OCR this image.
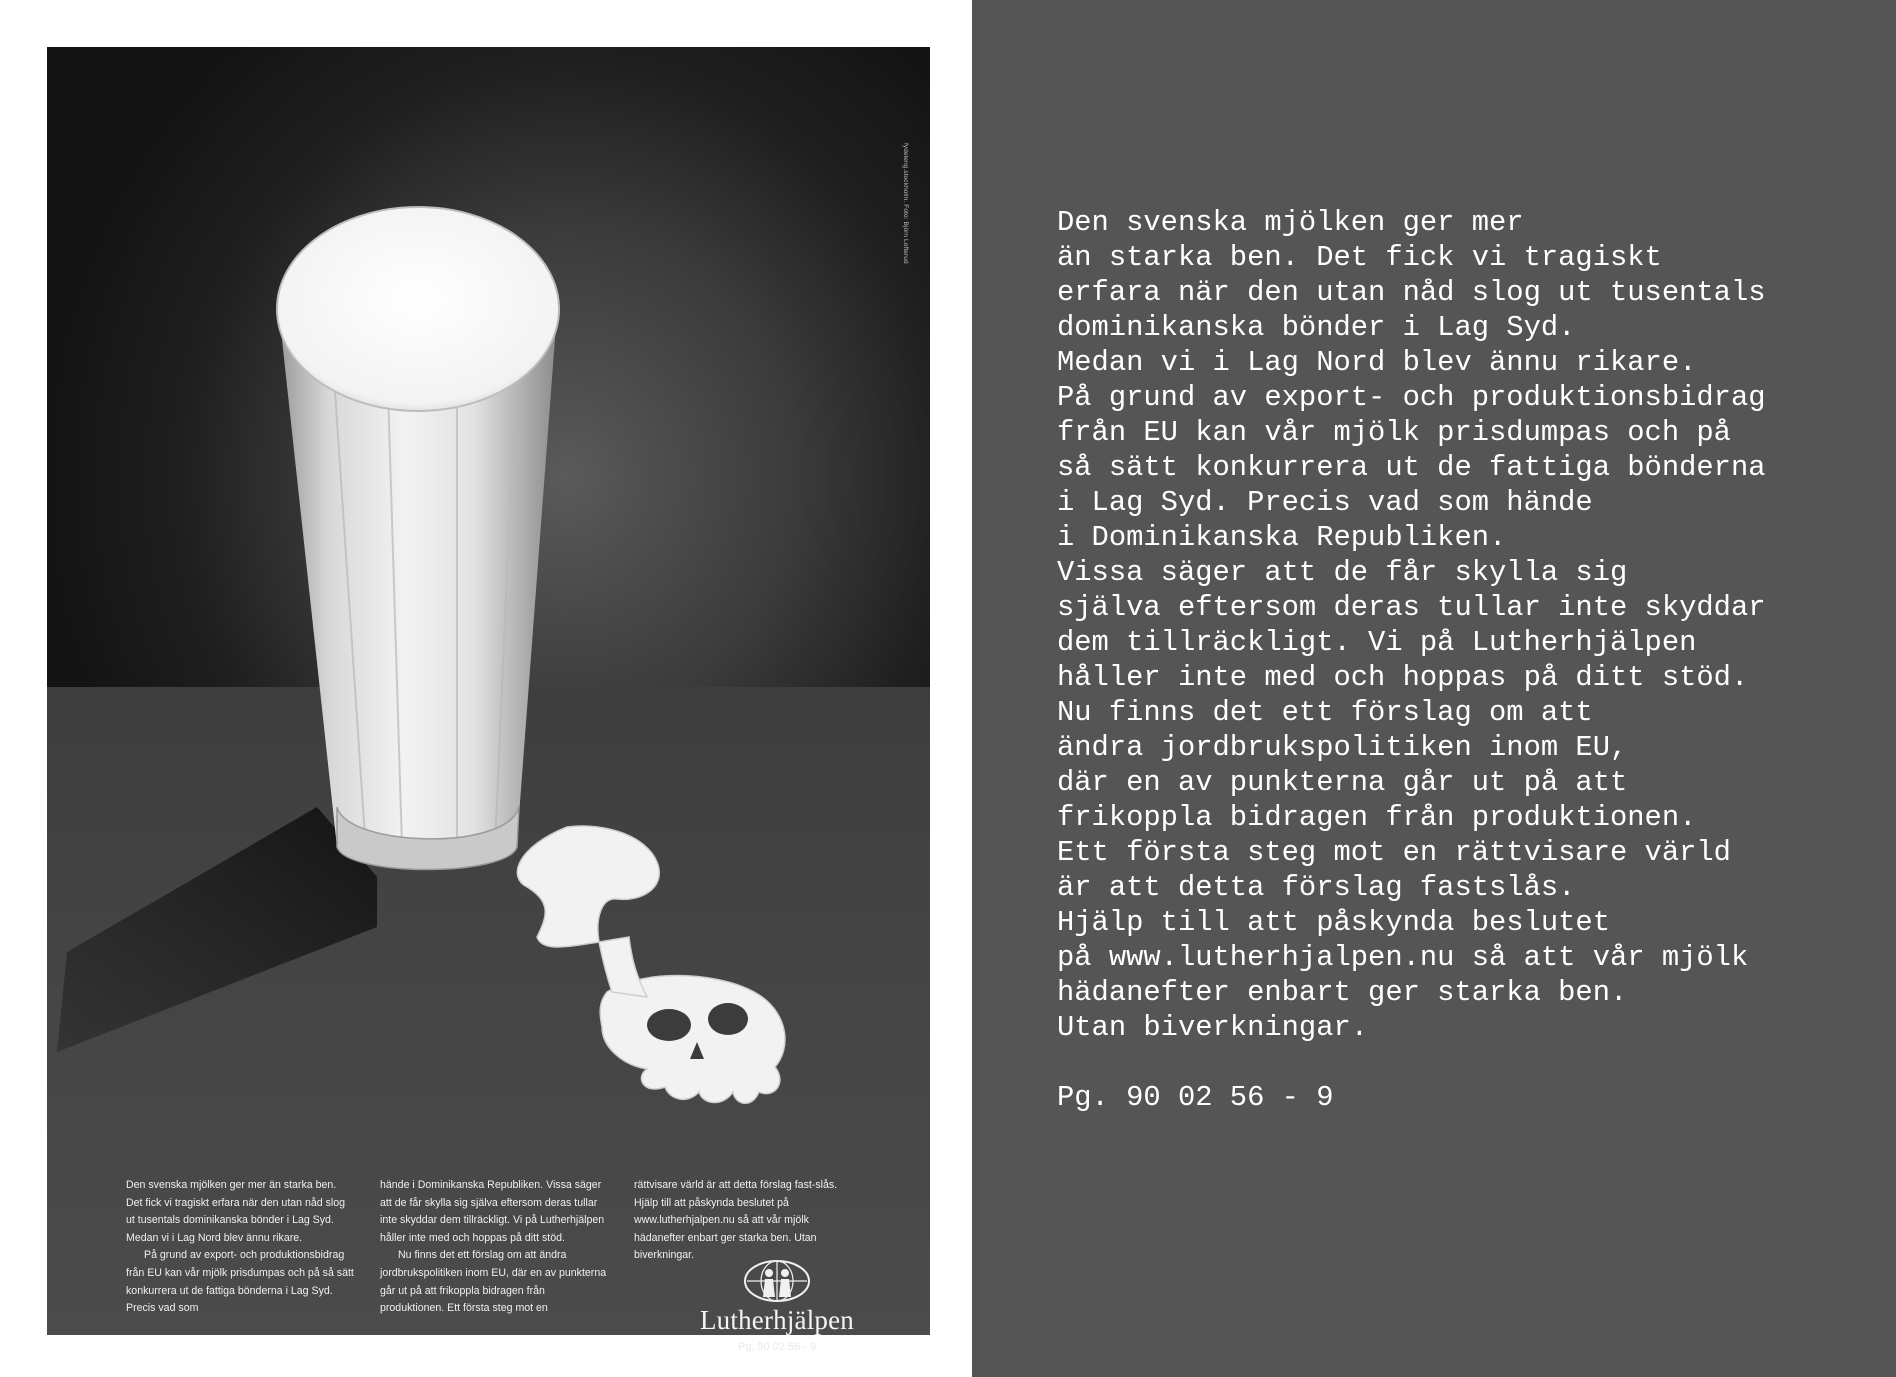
fydeleng.stockholm. Foto: Björn Lofterud

Den svenska mjölken ger mer än starka ben. Det fick vi tragiskt erfara när den utan nåd slog ut tusentals dominikanska bönder i Lag Syd. Medan vi i Lag Nord blev ännu rikare.

På grund av export- och produktionsbidrag från EU kan vår mjölk prisdumpas och på så sätt konkurrera ut de fattiga bönderna i Lag Syd. Precis vad som

hände i Dominikanska Republiken. Vissa säger att de får skylla sig själva eftersom deras tullar inte skyddar dem tillräckligt. Vi på Lutherhjälpen håller inte med och hoppas på ditt stöd.

Nu finns det ett förslag om att ändra jordbrukspolitiken inom EU, där en av punkterna går ut på att frikoppla bidragen från produktionen. Ett första steg mot en

rättvisare värld är att detta förslag fast-slås. Hjälp till att påskynda beslutet på www.lutherhjalpen.nu så att vår mjölk hädanefter enbart ger starka ben. Utan biverkningar.

Lutherhjälpen
Pg. 90 02 56 - 9
Den svenska mjölken ger mer
än starka ben. Det fick vi tragiskt
erfara när den utan nåd slog ut tusentals
dominikanska bönder i Lag Syd.
Medan vi i Lag Nord blev ännu rikare.
På grund av export- och produktionsbidrag
från EU kan vår mjölk prisdumpas och på
så sätt konkurrera ut de fattiga bönderna
i Lag Syd. Precis vad som hände
i Dominikanska Republiken.
Vissa säger att de får skylla sig
själva eftersom deras tullar inte skyddar
dem tillräckligt. Vi på Lutherhjälpen
håller inte med och hoppas på ditt stöd.
Nu finns det ett förslag om att
ändra jordbrukspolitiken inom EU,
där en av punkterna går ut på att
frikoppla bidragen från produktionen.
Ett första steg mot en rättvisare värld
är att detta förslag fastslås.
Hjälp till att påskynda beslutet
på www.lutherhjalpen.nu så att vår mjölk
hädanefter enbart ger starka ben.
Utan biverkningar.

Pg. 90 02 56 - 9
